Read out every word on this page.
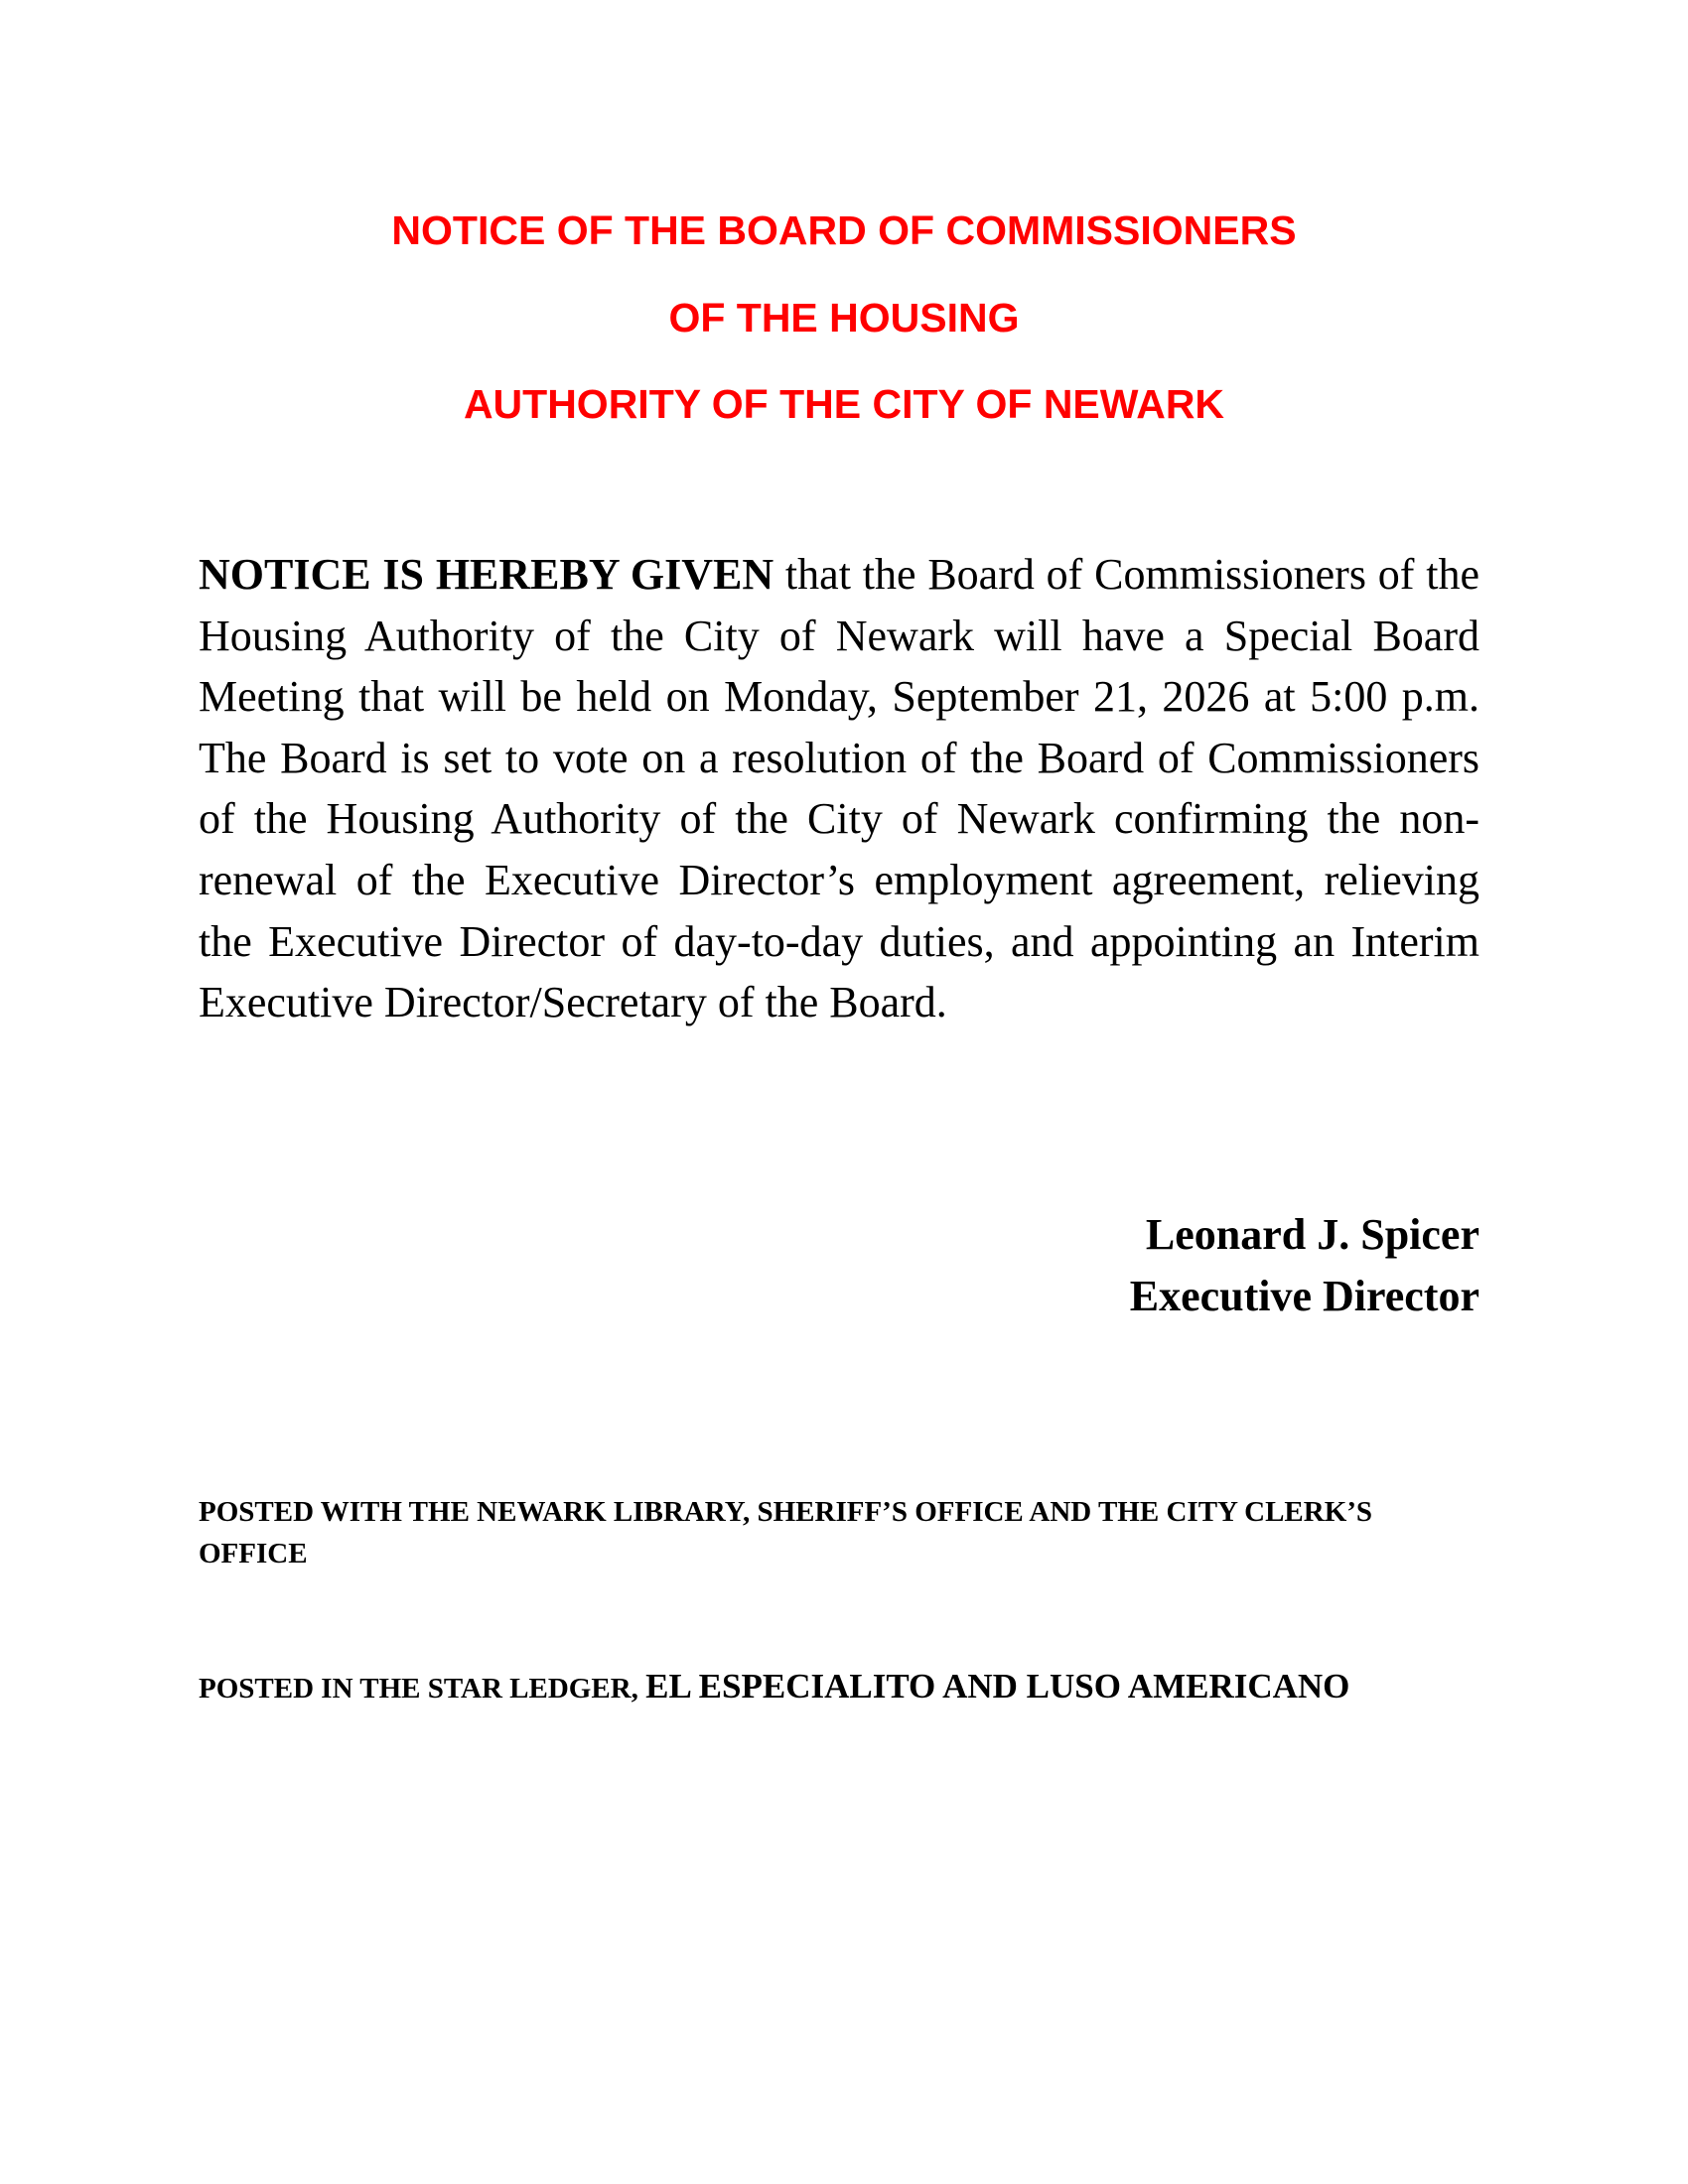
NOTICE OF THE BOARD OF COMMISSIONERS
OF THE HOUSING
AUTHORITY OF THE CITY OF NEWARK
NOTICE IS HEREBY GIVEN that the Board of Commissioners of the Housing Authority of the City of Newark will have a Special Board Meeting that will be held on Monday, September 21, 2026 at 5:00 p.m. The Board is set to vote on a resolution of the Board of Commissioners of the Housing Authority of the City of Newark confirming the non-renewal of the Executive Director’s employment agreement, relieving the Executive Director of day-to-day duties, and appointing an Interim Executive Director/Secretary of the Board.
Leonard J. Spicer
Executive Director
POSTED WITH THE NEWARK LIBRARY, SHERIFF’S OFFICE AND THE CITY CLERK’S OFFICE
POSTED IN THE STAR LEDGER, EL ESPECIALITO AND LUSO AMERICANO
